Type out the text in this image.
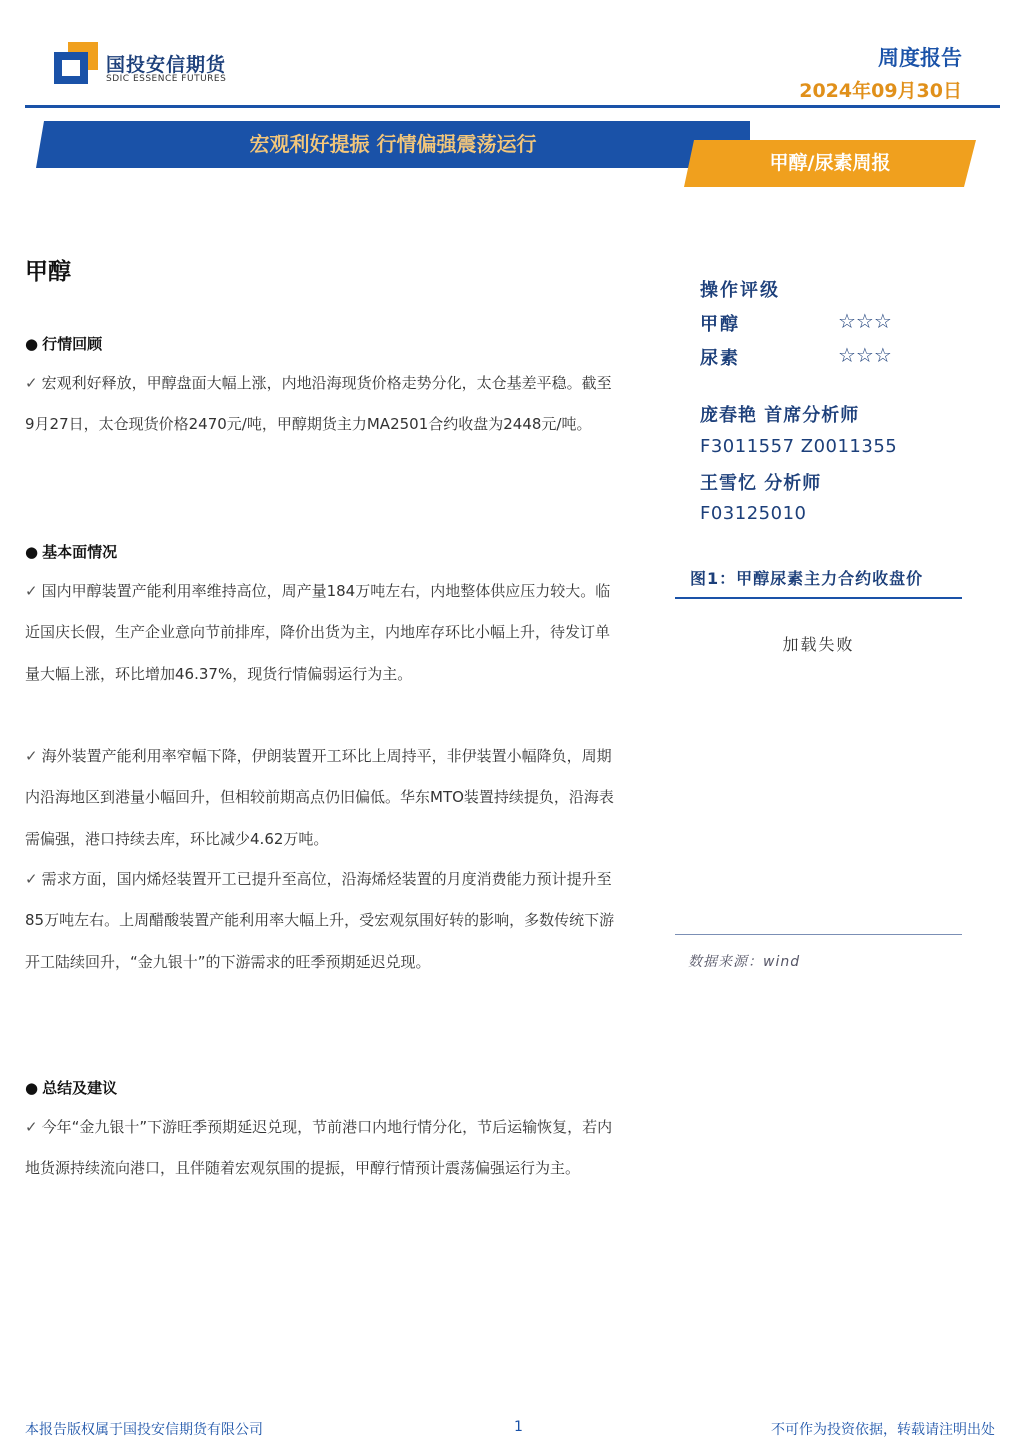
国投安信期货
SDIC ESSENCE FUTURES
周度报告
2024年09月30日
宏观利好提振 行情偏强震荡运行
甲醇/尿素周报
甲醇
● 行情回顾
✓ 宏观利好释放，甲醇盘面大幅上涨，内地沿海现货价格走势分化，太仓基差平稳。截至9月27日，太仓现货价格2470元/吨，甲醇期货主力MA2501合约收盘为2448元/吨。
● 基本面情况
✓ 国内甲醇装置产能利用率维持高位，周产量184万吨左右，内地整体供应压力较大。临近国庆长假，生产企业意向节前排库，降价出货为主，内地库存环比小幅上升，待发订单量大幅上涨，环比增加46.37%，现货行情偏弱运行为主。
✓ 海外装置产能利用率窄幅下降，伊朗装置开工环比上周持平，非伊装置小幅降负，周期内沿海地区到港量小幅回升，但相较前期高点仍旧偏低。华东MTO装置持续提负，沿海表需偏强，港口持续去库，环比减少4.62万吨。
✓ 需求方面，国内烯烃装置开工已提升至高位，沿海烯烃装置的月度消费能力预计提升至85万吨左右。上周醋酸装置产能利用率大幅上升，受宏观氛围好转的影响，多数传统下游开工陆续回升，“金九银十”的下游需求的旺季预期延迟兑现。
● 总结及建议
✓ 今年“金九银十”下游旺季预期延迟兑现，节前港口内地行情分化，节后运输恢复，若内地货源持续流向港口，且伴随着宏观氛围的提振，甲醇行情预计震荡偏强运行为主。
操作评级
甲醇	☆☆☆
尿素	☆☆☆
庞春艳 首席分析师
F3011557 Z0011355
王雪忆 分析师
F03125010
图1：甲醇尿素主力合约收盘价
加载失败
数据来源：wind
本报告版权属于国投安信期货有限公司	1	不可作为投资依据，转载请注明出处
